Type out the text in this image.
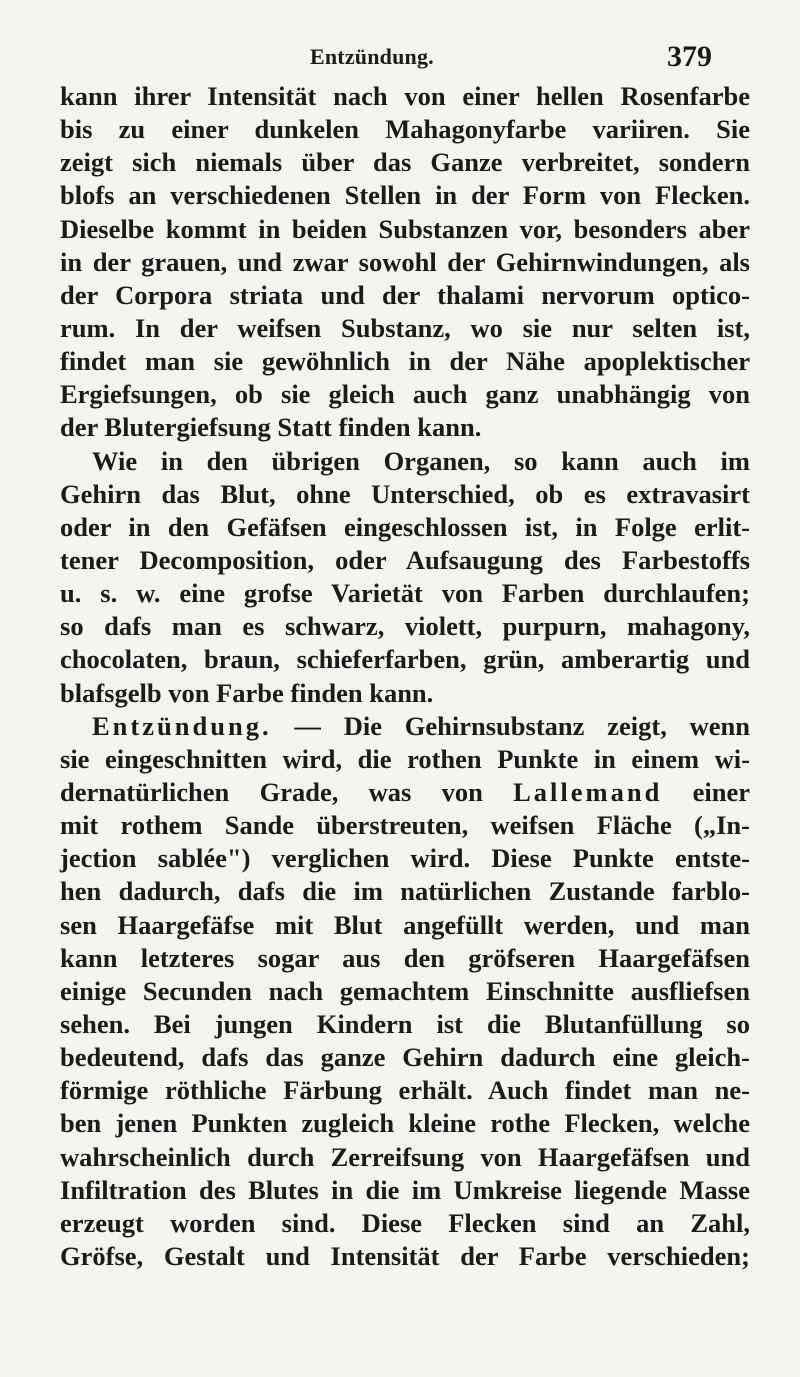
Entzündung.	379
kann ihrer Intensität nach von einer hellen Rosenfarbe
bis zu einer dunkelen Mahagonyfarbe variiren. Sie
zeigt sich niemals über das Ganze verbreitet, sondern
blofs an verschiedenen Stellen in der Form von Flecken.
Dieselbe kommt in beiden Substanzen vor, besonders aber
in der grauen, und zwar sowohl der Gehirnwindungen, als
der Corpora striata und der thalami nervorum optico-
rum. In der weifsen Substanz, wo sie nur selten ist,
findet man sie gewöhnlich in der Nähe apoplektischer
Ergiefsungen, ob sie gleich auch ganz unabhängig von
der Blutergiefsung Statt finden kann.
Wie in den übrigen Organen, so kann auch im
Gehirn das Blut, ohne Unterschied, ob es extravasirt
oder in den Gefäfsen eingeschlossen ist, in Folge erlit-
tener Decomposition, oder Aufsaugung des Farbestoffs
u. s. w. eine grofse Varietät von Farben durchlaufen;
so dafs man es schwarz, violett, purpurn, mahagony,
chocolaten, braun, schieferfarben, grün, amberartig und
blafsgelb von Farbe finden kann.
Entzündung. — Die Gehirnsubstanz zeigt, wenn
sie eingeschnitten wird, die rothen Punkte in einem wi-
dernatürlichen Grade, was von Lallemand einer
mit rothem Sande überstreuten, weifsen Fläche („In-
jection sablée") verglichen wird. Diese Punkte entste-
hen dadurch, dafs die im natürlichen Zustande farblo-
sen Haargefäfse mit Blut angefüllt werden, und man
kann letzteres sogar aus den gröfseren Haargefäfsen
einige Secunden nach gemachtem Einschnitte ausfliefsen
sehen. Bei jungen Kindern ist die Blutanfüllung so
bedeutend, dafs das ganze Gehirn dadurch eine gleich-
förmige röthliche Färbung erhält. Auch findet man ne-
ben jenen Punkten zugleich kleine rothe Flecken, welche
wahrscheinlich durch Zerreifsung von Haargefäfsen und
Infiltration des Blutes in die im Umkreise liegende Masse
erzeugt worden sind. Diese Flecken sind an Zahl,
Gröfse, Gestalt und Intensität der Farbe verschieden;
